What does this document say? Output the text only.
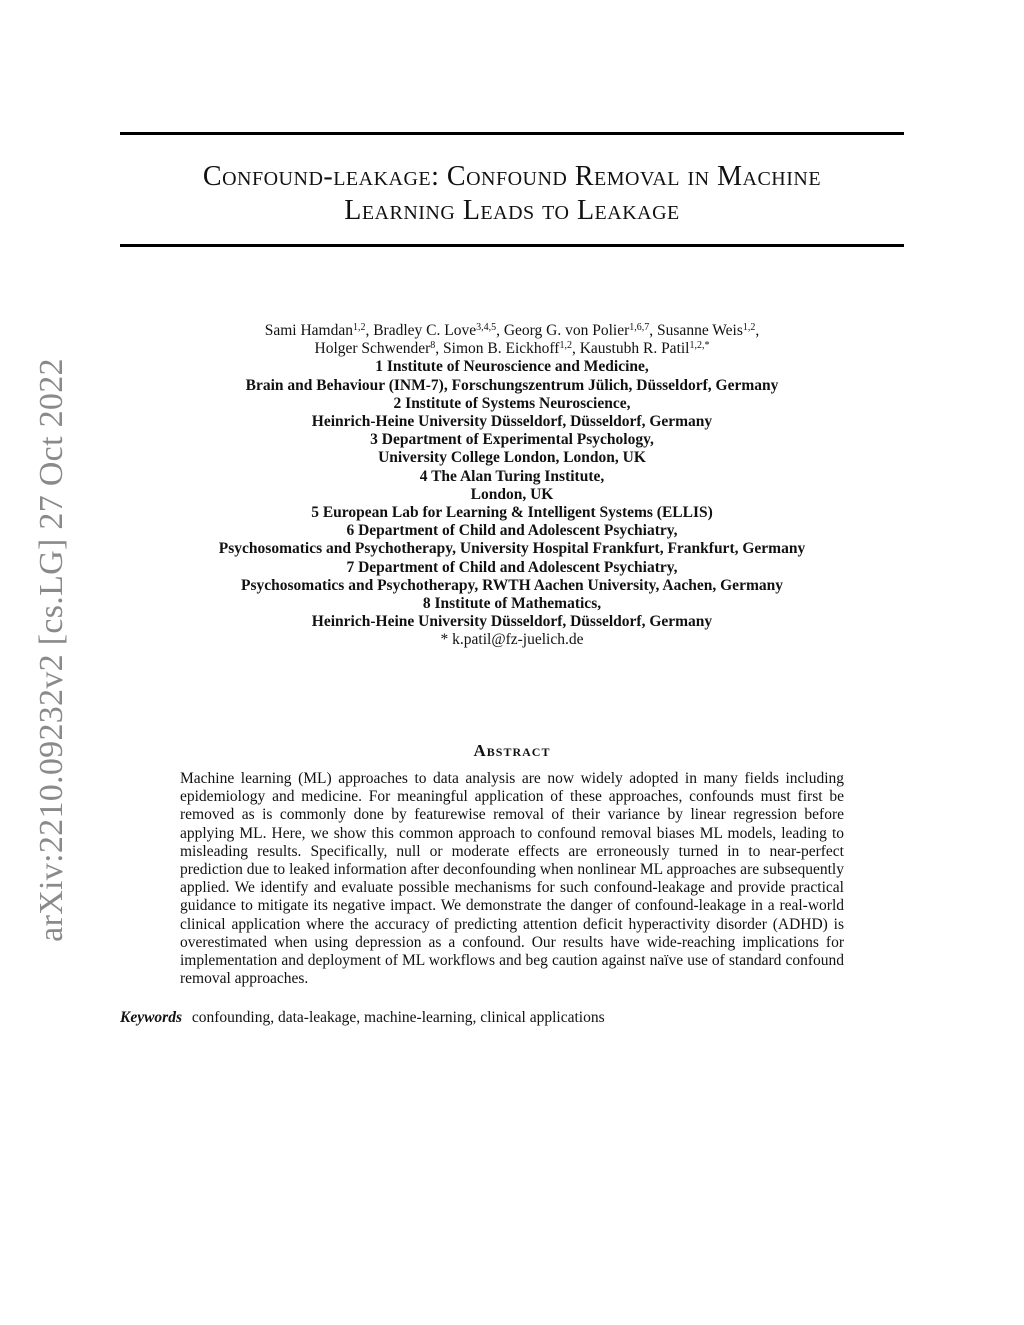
arXiv:2210.09232v2 [cs.LG] 27 Oct 2022
Confound-leakage: Confound Removal in Machine
Learning Leads to Leakage
Sami Hamdan$^{1,2}$, Bradley C. Love$^{3,4,5}$, Georg G. von Polier$^{1,6,7}$, Susanne Weis$^{1,2}$,
Holger Schwender$^8$, Simon B. Eickhoff$^{1,2}$, Kaustubh R. Patil$^{1,2,*}$
1 Institute of Neuroscience and Medicine,
Brain and Behaviour (INM-7), Forschungszentrum Jülich, Düsseldorf, Germany
2 Institute of Systems Neuroscience,
Heinrich-Heine University Düsseldorf, Düsseldorf, Germany
3 Department of Experimental Psychology,
University College London, London, UK
4 The Alan Turing Institute,
London, UK
5 European Lab for Learning & Intelligent Systems (ELLIS)
6 Department of Child and Adolescent Psychiatry,
Psychosomatics and Psychotherapy, University Hospital Frankfurt, Frankfurt, Germany
7 Department of Child and Adolescent Psychiatry,
Psychosomatics and Psychotherapy, RWTH Aachen University, Aachen, Germany
8 Institute of Mathematics,
Heinrich-Heine University Düsseldorf, Düsseldorf, Germany
* k.patil@fz-juelich.de
Abstract

Machine learning (ML) approaches to data analysis are now widely adopted in many fields including epidemiology and medicine. For meaningful application of these approaches, confounds must first be removed as is commonly done by featurewise removal of their variance by linear regression before applying ML. Here, we show this common approach to confound removal biases ML models, leading to misleading results. Specifically, null or moderate effects are erroneously turned in to near-perfect prediction due to leaked information after deconfounding when nonlinear ML approaches are subsequently applied. We identify and evaluate possible mechanisms for such confound-leakage and provide practical guidance to mitigate its negative impact. We demonstrate the danger of confound-leakage in a real-world clinical application where the accuracy of predicting attention deficit hyperactivity disorder (ADHD) is overestimated when using depression as a confound. Our results have wide-reaching implications for implementation and deployment of ML workflows and beg caution against naïve use of standard confound removal approaches.

Keywords confounding, data-leakage, machine-learning, clinical applications
